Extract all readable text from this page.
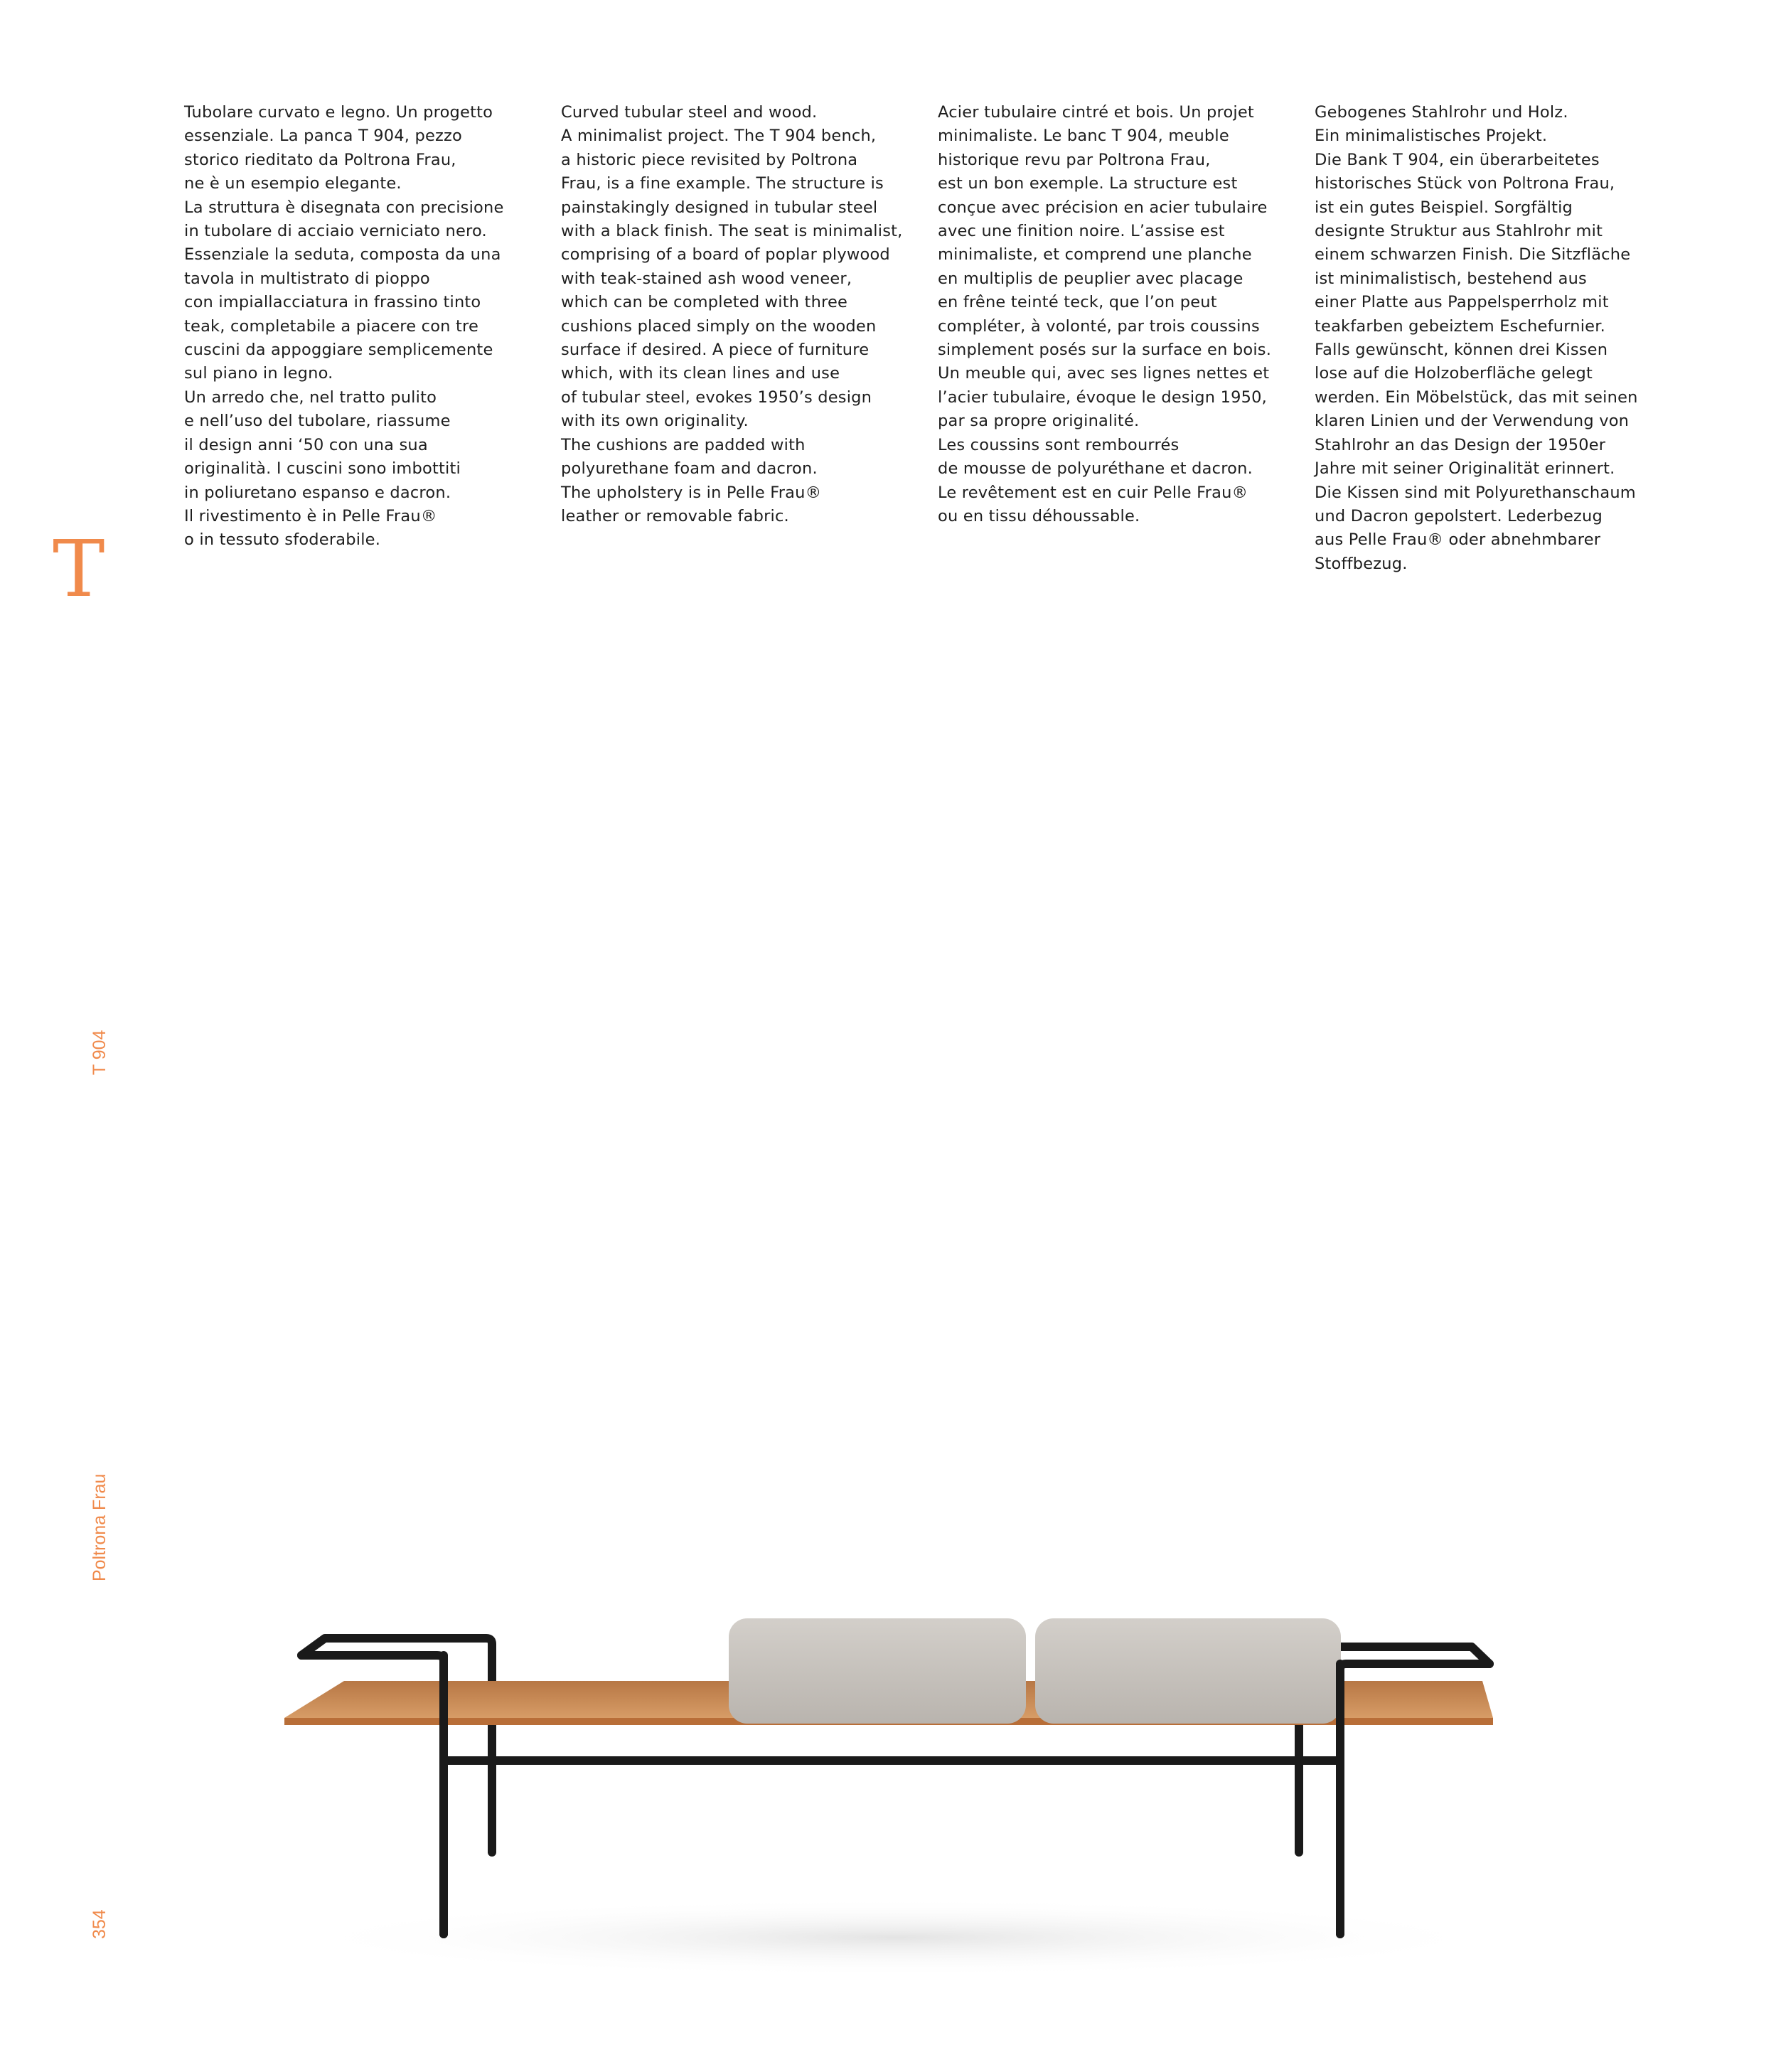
Tubolare curvato e legno. Un progetto
essenziale. La panca T 904, pezzo
storico rieditato da Poltrona Frau,
ne è un esempio elegante.
La struttura è disegnata con precisione
in tubolare di acciaio verniciato nero.
Essenziale la seduta, composta da una
tavola in multistrato di pioppo
con impiallacciatura in frassino tinto
teak, completabile a piacere con tre
cuscini da appoggiare semplicemente
sul piano in legno.
Un arredo che, nel tratto pulito
e nell’uso del tubolare, riassume
il design anni ‘50 con una sua
originalità. I cuscini sono imbottiti
in poliuretano espanso e dacron.
Il rivestimento è in Pelle Frau®
o in tessuto sfoderabile.
Curved tubular steel and wood.
A minimalist project. The T 904 bench,
a historic piece revisited by Poltrona
Frau, is a fine example. The structure is
painstakingly designed in tubular steel
with a black finish. The seat is minimalist,
comprising of a board of poplar plywood
with teak-stained ash wood veneer,
which can be completed with three
cushions placed simply on the wooden
surface if desired. A piece of furniture
which, with its clean lines and use
of tubular steel, evokes 1950’s design
with its own originality.
The cushions are padded with
polyurethane foam and dacron.
The upholstery is in Pelle Frau®
leather or removable fabric.
Acier tubulaire cintré et bois. Un projet
minimaliste. Le banc T 904, meuble
historique revu par Poltrona Frau,
est un bon exemple. La structure est
conçue avec précision en acier tubulaire
avec une finition noire. L’assise est
minimaliste, et comprend une planche
en multiplis de peuplier avec placage
en frêne teinté teck, que l’on peut
compléter, à volonté, par trois coussins
simplement posés sur la surface en bois.
Un meuble qui, avec ses lignes nettes et
l’acier tubulaire, évoque le design 1950,
par sa propre originalité.
Les coussins sont rembourrés
de mousse de polyuréthane et dacron.
Le revêtement est en cuir Pelle Frau®
ou en tissu déhoussable.
Gebogenes Stahlrohr und Holz.
Ein minimalistisches Projekt.
Die Bank T 904, ein überarbeitetes
historisches Stück von Poltrona Frau,
ist ein gutes Beispiel. Sorgfältig
designte Struktur aus Stahlrohr mit
einem schwarzen Finish. Die Sitzfläche
ist minimalistisch, bestehend aus
einer Platte aus Pappelsperrholz mit
teakfarben gebeiztem Eschefurnier.
Falls gewünscht, können drei Kissen
lose auf die Holzoberfläche gelegt
werden. Ein Möbelstück, das mit seinen
klaren Linien und der Verwendung von
Stahlrohr an das Design der 1950er
Jahre mit seiner Originalität erinnert.
Die Kissen sind mit Polyurethanschaum
und Dacron gepolstert. Lederbezug
aus Pelle Frau® oder abnehmbarer
Stoffbezug.
T
T 904
Poltrona Frau
354
